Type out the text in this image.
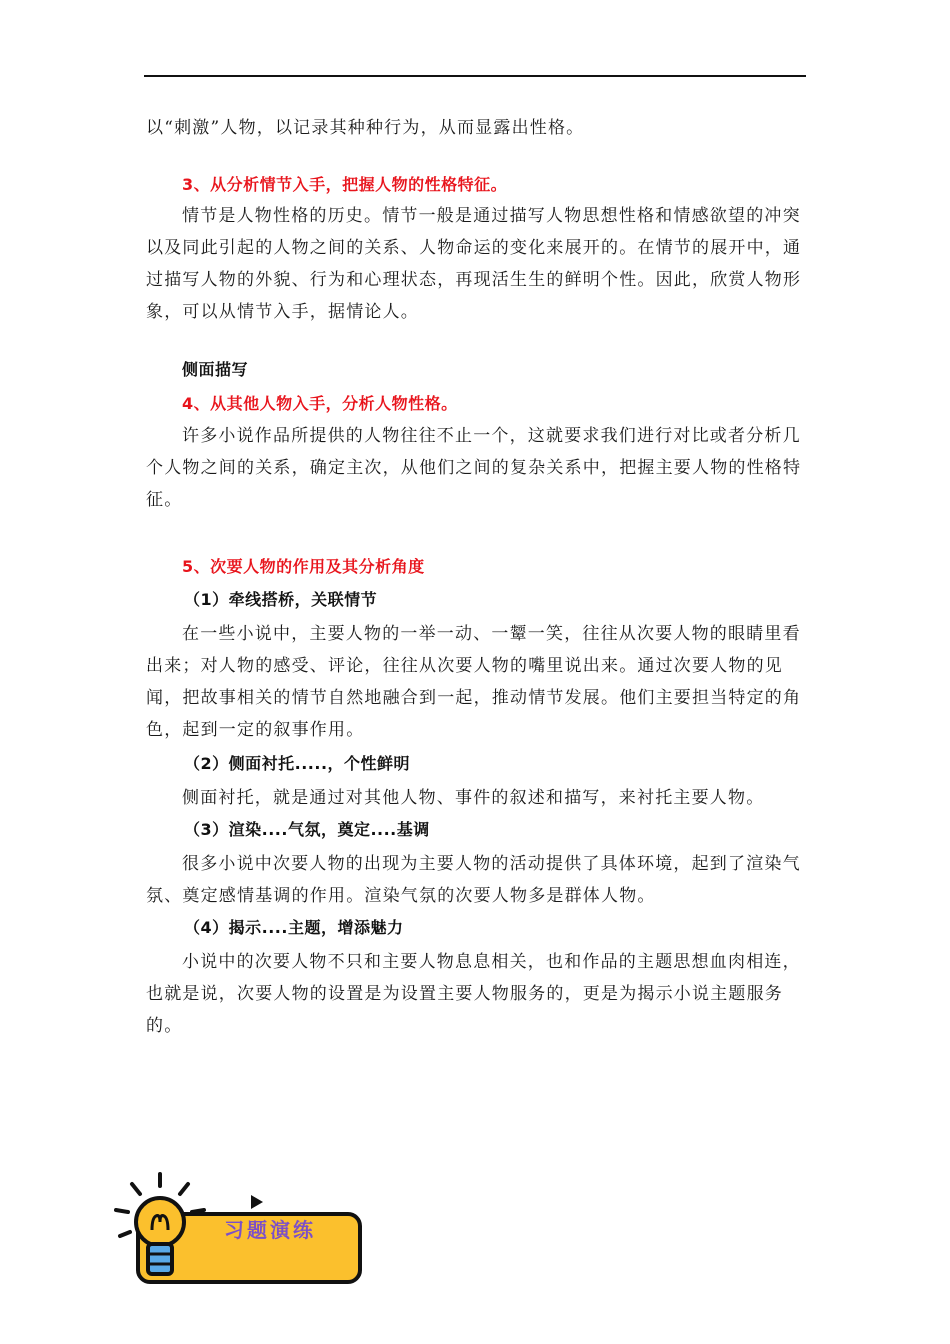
以“刺激”人物，以记录其种种行为，从而显露出性格。

3、从分析情节入手，把握人物的性格特征。

情节是人物性格的历史。情节一般是通过描写人物思想性格和情感欲望的冲突以及同此引起的人物之间的关系、人物命运的变化来展开的。在情节的展开中，通过描写人物的外貌、行为和心理状态，再现活生生的鲜明个性。因此，欣赏人物形象，可以从情节入手，据情论人。

侧面描写

4、从其他人物入手，分析人物性格。

许多小说作品所提供的人物往往不止一个，这就要求我们进行对比或者分析几个人物之间的关系，确定主次，从他们之间的复杂关系中，把握主要人物的性格特征。

5、次要人物的作用及其分析角度

（1）牵线搭桥，关联情节

在一些小说中，主要人物的一举一动、一颦一笑，往往从次要人物的眼睛里看出来；对人物的感受、评论，往往从次要人物的嘴里说出来。通过次要人物的见闻，把故事相关的情节自然地融合到一起，推动情节发展。他们主要担当特定的角色，起到一定的叙事作用。

（2）侧面衬托.....，个性鲜明

侧面衬托，就是通过对其他人物、事件的叙述和描写，来衬托主要人物。

（3）渲染....气氛，奠定....基调

很多小说中次要人物的出现为主要人物的活动提供了具体环境，起到了渲染气氛、奠定感情基调的作用。渲染气氛的次要人物多是群体人物。

（4）揭示....主题，增添魅力

小说中的次要人物不只和主要人物息息相关，也和作品的主题思想血肉相连，也就是说，次要人物的设置是为设置主要人物服务的，更是为揭示小说主题服务的。

习题演练
